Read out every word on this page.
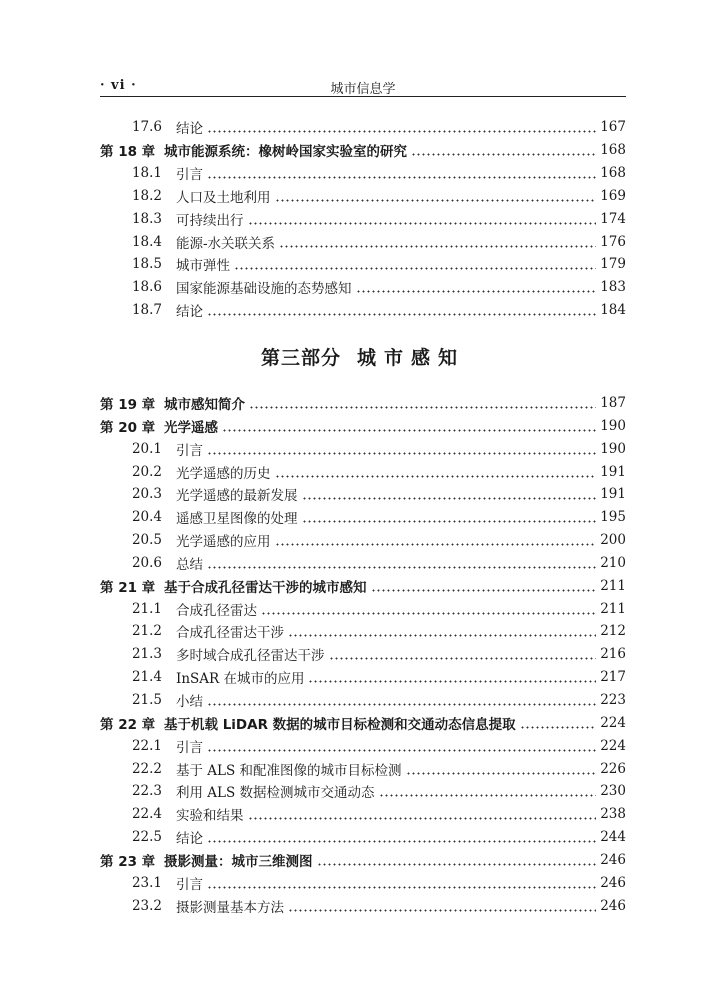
· vi ·	城市信息学
17.6 结论	167
第 18 章 城市能源系统：橡树岭国家实验室的研究	168
18.1 引言	168
18.2 人口及土地利用	169
18.3 可持续出行	174
18.4 能源-水关联关系	176
18.5 城市弹性	179
18.6 国家能源基础设施的态势感知	183
18.7 结论	184
第三部分 城市感知
第 19 章 城市感知简介	187
第 20 章 光学遥感	190
20.1 引言	190
20.2 光学遥感的历史	191
20.3 光学遥感的最新发展	191
20.4 遥感卫星图像的处理	195
20.5 光学遥感的应用	200
20.6 总结	210
第 21 章 基于合成孔径雷达干涉的城市感知	211
21.1 合成孔径雷达	211
21.2 合成孔径雷达干涉	212
21.3 多时域合成孔径雷达干涉	216
21.4 InSAR 在城市的应用	217
21.5 小结	223
第 22 章 基于机载 LiDAR 数据的城市目标检测和交通动态信息提取	224
22.1 引言	224
22.2 基于 ALS 和配准图像的城市目标检测	226
22.3 利用 ALS 数据检测城市交通动态	230
22.4 实验和结果	238
22.5 结论	244
第 23 章 摄影测量：城市三维测图	246
23.1 引言	246
23.2 摄影测量基本方法	246
